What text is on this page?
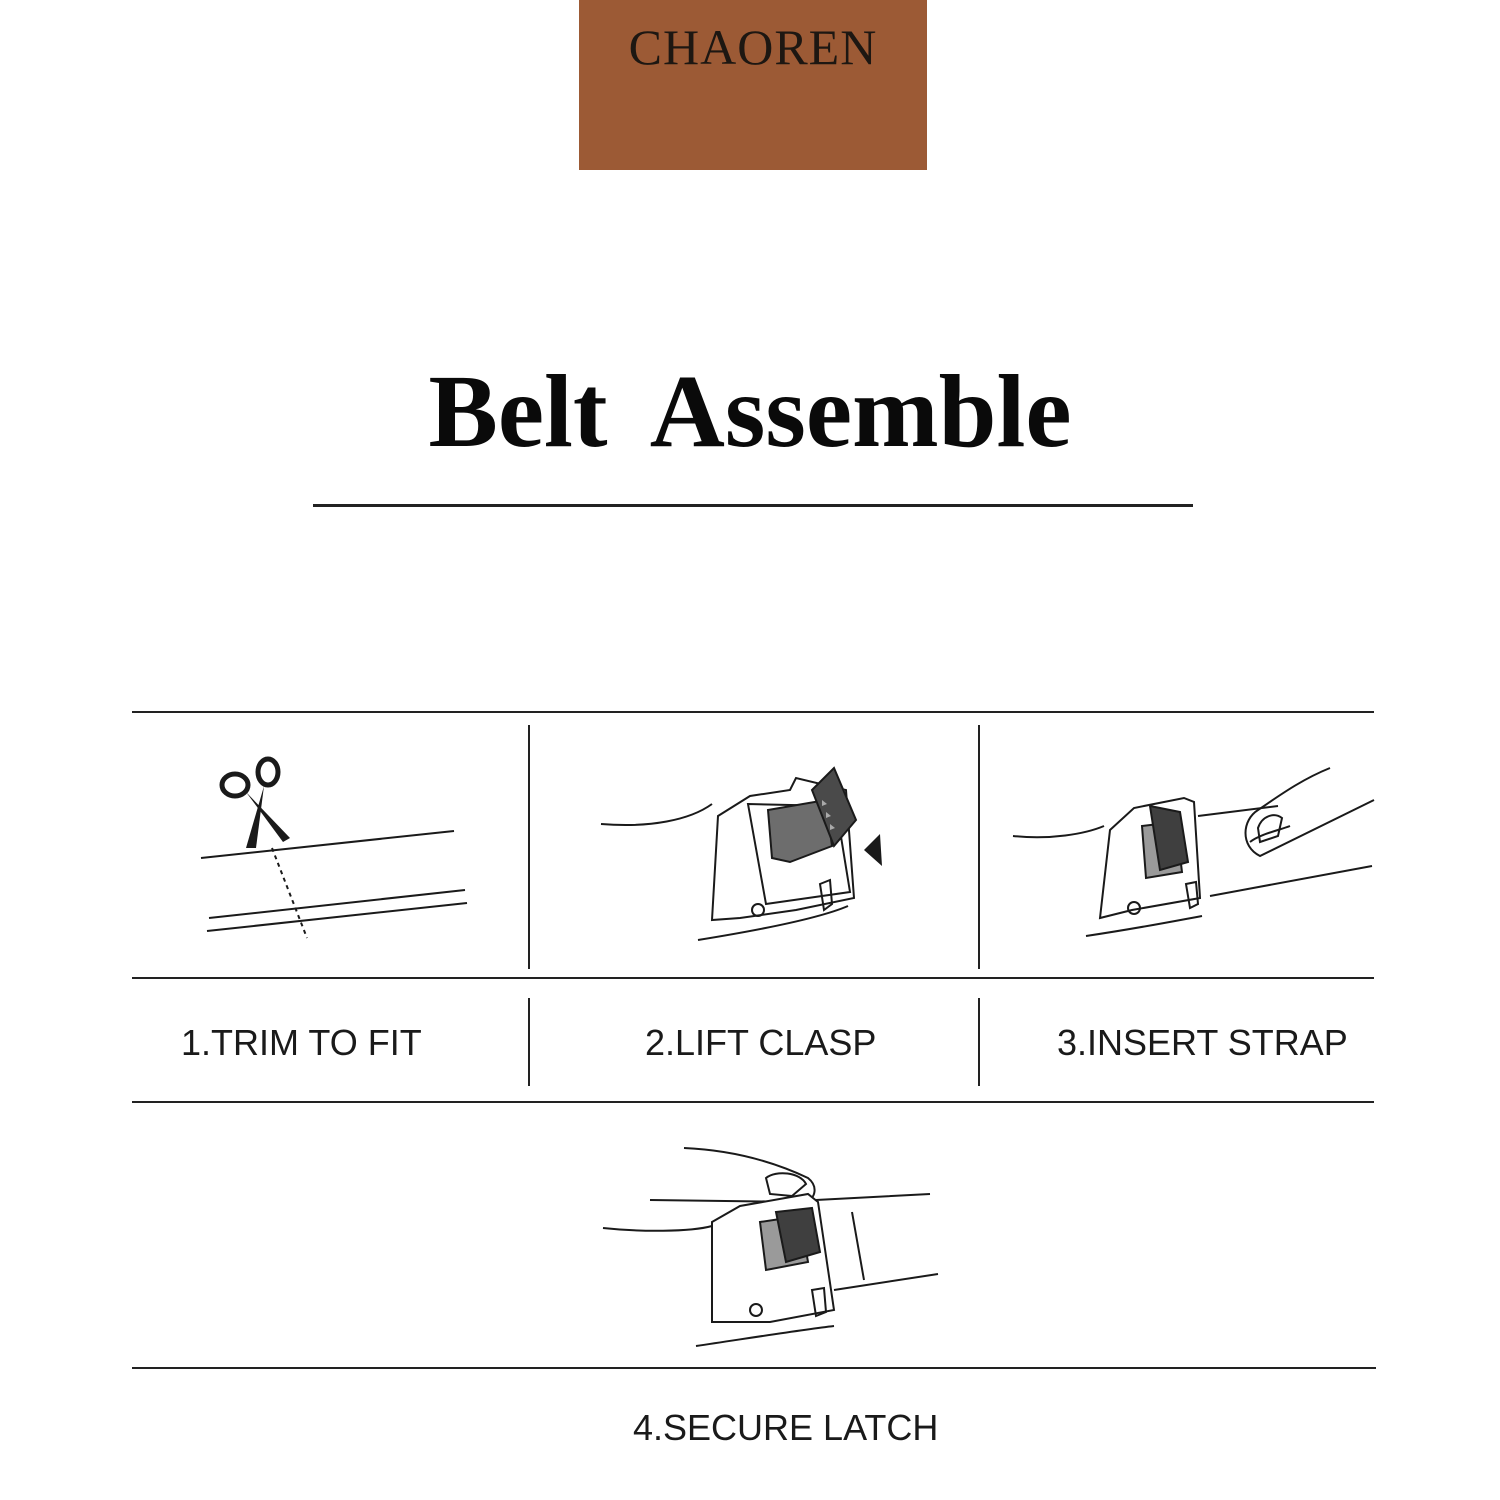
CHAOREN
Belt Assemble
1.TRIM TO FIT	2.LIFT CLASP	3.INSERT STRAP
4.SECURE LATCH
